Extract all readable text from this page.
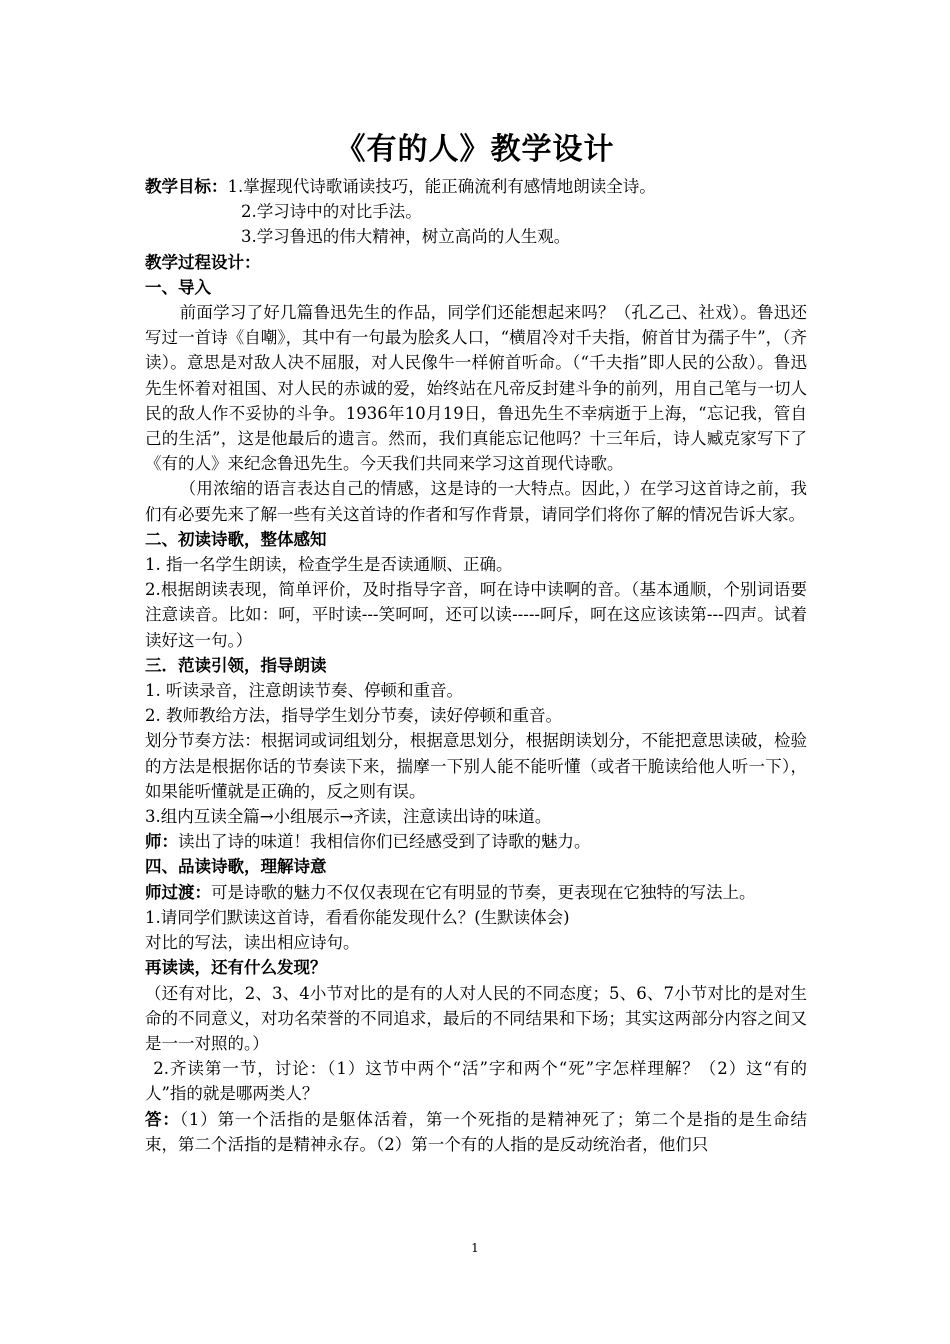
《有的人》教学设计

教学目标：1.掌握现代诗歌诵读技巧，能正确流利有感情地朗读全诗。

2.学习诗中的对比手法。

3.学习鲁迅的伟大精神，树立高尚的人生观。

教学过程设计：

一、导入

前面学习了好几篇鲁迅先生的作品，同学们还能想起来吗？（孔乙己、社戏）。鲁迅还写过一首诗《自嘲》，其中有一句最为脍炙人口，“横眉冷对千夫指，俯首甘为孺子牛”，（齐读）。意思是对敌人决不屈服，对人民像牛一样俯首听命。（“千夫指”即人民的公敌）。鲁迅先生怀着对祖国、对人民的赤诚的爱，始终站在凡帝反封建斗争的前列，用自己笔与一切人民的敌人作不妥协的斗争。1936年10月19日，鲁迅先生不幸病逝于上海，“忘记我，管自己的生活”，这是他最后的遗言。然而，我们真能忘记他吗？十三年后，诗人臧克家写下了《有的人》来纪念鲁迅先生。今天我们共同来学习这首现代诗歌。

（用浓缩的语言表达自己的情感，这是诗的一大特点。因此，）在学习这首诗之前，我们有必要先来了解一些有关这首诗的作者和写作背景，请同学们将你了解的情况告诉大家。

二、初读诗歌，整体感知

1. 指一名学生朗读，检查学生是否读通顺、正确。

2.根据朗读表现，简单评价，及时指导字音，呵在诗中读啊的音。（基本通顺，个别词语要注意读音。比如：呵，平时读---笑呵呵，还可以读-----呵斥，呵在这应该读第---四声。试着读好这一句。）

三．范读引领，指导朗读

1. 听读录音，注意朗读节奏、停顿和重音。

2. 教师教给方法，指导学生划分节奏，读好停顿和重音。

划分节奏方法：根据词或词组划分，根据意思划分，根据朗读划分，不能把意思读破，检验的方法是根据你话的节奏读下来，揣摩一下别人能不能听懂（或者干脆读给他人听一下），如果能听懂就是正确的，反之则有误。

3.组内互读全篇→小组展示→齐读，注意读出诗的味道。

师：读出了诗的味道！我相信你们已经感受到了诗歌的魅力。

四、品读诗歌，理解诗意

师过渡：可是诗歌的魅力不仅仅表现在它有明显的节奏，更表现在它独特的写法上。

1.请同学们默读这首诗，看看你能发现什么？(生默读体会)

对比的写法，读出相应诗句。

再读读，还有什么发现？

（还有对比，2、3、4小节对比的是有的人对人民的不同态度；5、6、7小节对比的是对生命的不同意义，对功名荣誉的不同追求，最后的不同结果和下场；其实这两部分内容之间又是一一对照的。）

2.齐读第一节，讨论：（1）这节中两个“活”字和两个“死”字怎样理解？（2）这“有的人”指的就是哪两类人？

答：（1）第一个活指的是躯体活着，第一个死指的是精神死了；第二个是指的是生命结束，第二个活指的是精神永存。（2）第一个有的人指的是反动统治者，他们只

1
